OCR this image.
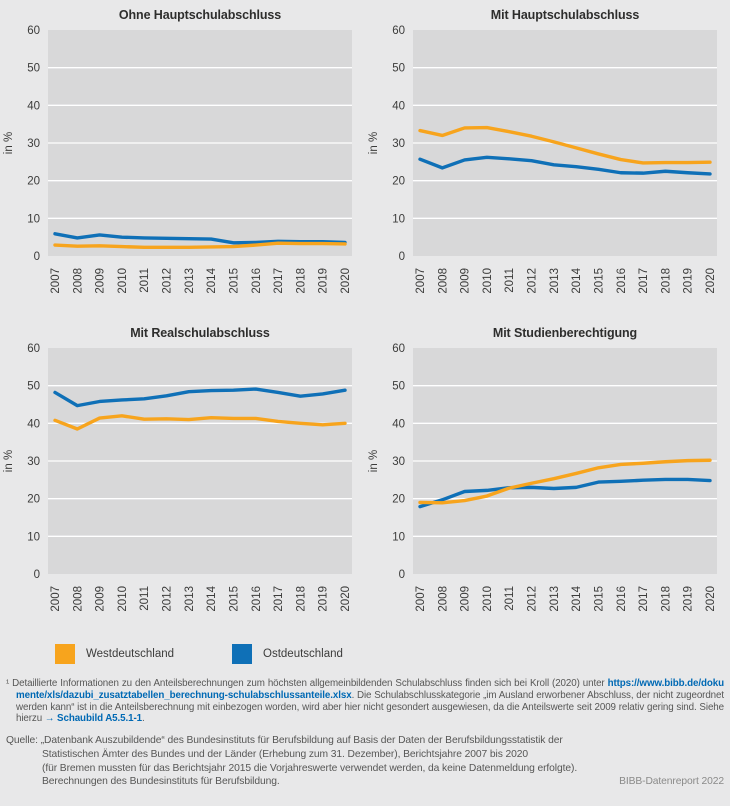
Ohne Hauptschulabschluss
0
10
20
30
40
50
60
in %
2007 2008 2009 2010 2011 2012 2013 2014 2015 2016 2017 2018 2019 2020
Mit Hauptschulabschluss
0
10
20
30
40
50
60
in %
2007 2008 2009 2010 2011 2012 2013 2014 2015 2016 2017 2018 2019 2020
Mit Realschulabschluss
0
10
20
30
40
50
60
in %
2007 2008 2009 2010 2011 2012 2013 2014 2015 2016 2017 2018 2019 2020
Mit Studienberechtigung
0
10
20
30
40
50
60
in %
2007 2008 2009 2010 2011 2012 2013 2014 2015 2016 2017 2018 2019 2020
Westdeutschland	Ostdeutschland
¹ Detaillierte Informationen zu den Anteilsberechnungen zum höchsten allgemeinbildenden Schulabschluss finden sich bei Kroll (2020) unter https://www.bibb.de/dokumente/xls/dazubi_zusatztabellen_berechnung-schulabschlussanteile.xlsx. Die Schulabschlusskategorie „im Ausland erworbener Abschluss, der nicht zugeordnet werden kann“ ist in die Anteilsberechnung mit einbezogen worden, wird aber hier nicht gesondert ausgewiesen, da die Anteilswerte seit 2009 relativ gering sind. Siehe hierzu → Schaubild A5.5.1-1.
Quelle: „Datenbank Auszubildende“ des Bundesinstituts für Berufsbildung auf Basis der Daten der Berufsbildungsstatistik der
Statistischen Ämter des Bundes und der Länder (Erhebung zum 31. Dezember), Berichtsjahre 2007 bis 2020
(für Bremen mussten für das Berichtsjahr 2015 die Vorjahreswerte verwendet werden, da keine Datenmeldung erfolgte).
Berechnungen des Bundesinstituts für Berufsbildung.	BIBB-Datenreport 2022
